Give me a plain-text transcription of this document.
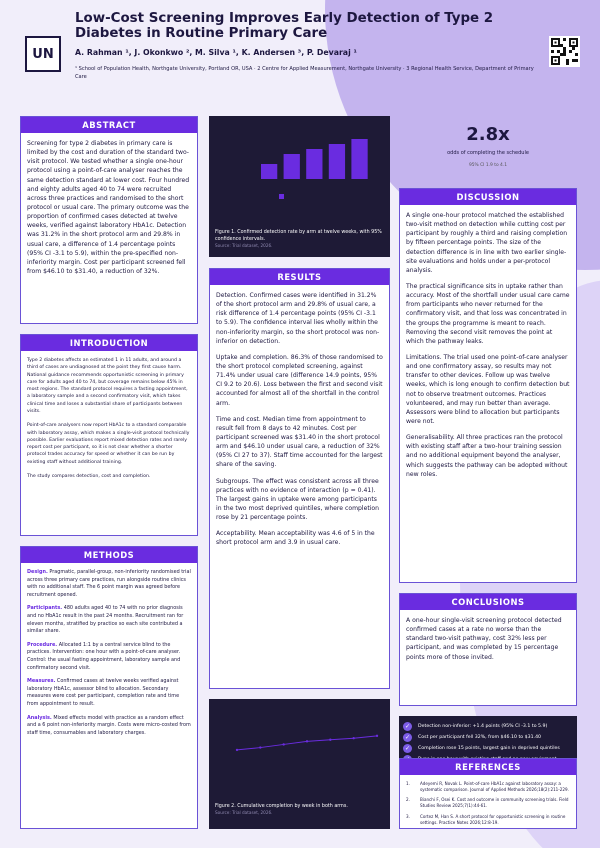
UN
Low-Cost Screening Improves Early Detection of Type 2 Diabetes in Routine Primary Care
A. Rahman ¹, J. Okonkwo ², M. Silva ¹, K. Andersen ³, P. Devaraj ¹
¹ School of Population Health, Northgate University, Portland OR, USA · 2 Centre for Applied Measurement, Northgate University · 3 Regional Health Service, Department of Primary Care
ABSTRACT
Screening for type 2 diabetes in primary care is limited by the cost and duration of the standard two-visit protocol. We tested whether a single one-hour protocol using a point-of-care analyser reaches the same detection standard at lower cost. Four hundred and eighty adults aged 40 to 74 were recruited across three practices and randomised to the short protocol or usual care. The primary outcome was the proportion of confirmed cases detected at twelve weeks, verified against laboratory HbA1c. Detection was 31.2% in the short protocol arm and 29.8% in usual care, a difference of 1.4 percentage points (95% CI -3.1 to 5.9), within the pre-specified non-inferiority margin. Cost per participant screened fell from $46.10 to $31.40, a reduction of 32%.
INTRODUCTION

Type 2 diabetes affects an estimated 1 in 11 adults, and around a third of cases are undiagnosed at the point they first cause harm. National guidance recommends opportunistic screening in primary care for adults aged 40 to 74, but coverage remains below 45% in most regions. The standard protocol requires a fasting appointment, a laboratory sample and a second confirmatory visit, which takes clinical time and loses a substantial share of participants between visits.

Point-of-care analysers now report HbA1c to a standard comparable with laboratory assay, which makes a single-visit protocol technically possible. Earlier evaluations report mixed detection rates and rarely report cost per participant, so it is not clear whether a shorter protocol trades accuracy for speed or whether it can be run by existing staff without additional training.

The study compares detection, cost and completion.

METHODS

Design. Pragmatic, parallel-group, non-inferiority randomised trial across three primary care practices, run alongside routine clinics with no additional staff. The 6 point margin was agreed before recruitment opened.

Participants. 480 adults aged 40 to 74 with no prior diagnosis and no HbA1c result in the past 24 months. Recruitment ran for eleven months, stratified by practice so each site contributed a similar share.

Procedure. Allocated 1:1 by a central service blind to the practices. Intervention: one hour with a point-of-care analyser. Control: the usual fasting appointment, laboratory sample and confirmatory second visit.

Measures. Confirmed cases at twelve weeks verified against laboratory HbA1c, assessor blind to allocation. Secondary measures were cost per participant, completion rate and time from appointment to result.

Analysis. Mixed effects model with practice as a random effect and a 6 point non-inferiority margin. Costs were micro-costed from staff time, consumables and laboratory charges.

Figure 1. Confirmed detection rate by arm at twelve weeks, with 95% confidence intervals.
Source: Trial dataset, 2026.
RESULTS

Detection. Confirmed cases were identified in 31.2% of the short protocol arm and 29.8% of usual care, a risk difference of 1.4 percentage points (95% CI -3.1 to 5.9). The confidence interval lies wholly within the non-inferiority margin, so the short protocol was non-inferior on detection.

Uptake and completion. 86.3% of those randomised to the short protocol completed screening, against 71.4% under usual care (difference 14.9 points, 95% CI 9.2 to 20.6). Loss between the first and second visit accounted for almost all of the shortfall in the control arm.

Time and cost. Median time from appointment to result fell from 8 days to 42 minutes. Cost per participant screened was $31.40 in the short protocol arm and $46.10 under usual care, a reduction of 32% (95% CI 27 to 37). Staff time accounted for the largest share of the saving.

Subgroups. The effect was consistent across all three practices with no evidence of interaction (p = 0.41). The largest gains in uptake were among participants in the two most deprived quintiles, where completion rose by 21 percentage points.

Acceptability. Mean acceptability was 4.6 of 5 in the short protocol arm and 3.9 in usual care.

Figure 2. Cumulative completion by week in both arms.
Source: Trial dataset, 2026.
2.8x
odds of completing the schedule
95% CI 1.9 to 4.1
DISCUSSION

A single one-hour protocol matched the established two-visit method on detection while cutting cost per participant by roughly a third and raising completion by fifteen percentage points. The size of the detection difference is in line with two earlier single-site evaluations and holds under a per-protocol analysis.

The practical significance sits in uptake rather than accuracy. Most of the shortfall under usual care came from participants who never returned for the confirmatory visit, and that loss was concentrated in the groups the programme is meant to reach. Removing the second visit removes the point at which the pathway leaks.

Limitations. The trial used one point-of-care analyser and one confirmatory assay, so results may not transfer to other devices. Follow up was twelve weeks, which is long enough to confirm detection but not to observe treatment outcomes. Practices volunteered, and may run better than average. Assessors were blind to allocation but participants were not.

Generalisability. All three practices ran the protocol with existing staff after a two-hour training session and no additional equipment beyond the analyser, which suggests the pathway can be adopted without new roles.

CONCLUSIONS
A one-hour single-visit screening protocol detected confirmed cases at a rate no worse than the standard two-visit pathway, cost 32% less per participant, and was completed by 15 percentage points more of those invited.
✓	Detection non-inferior: +1.4 points (95% CI -3.1 to 5.9)
✓	Cost per participant fell 32%, from $46.10 to $31.40
✓	Completion rose 15 points, largest gain in deprived quintiles
REFERENCES
1.	Adeyemi R, Novak L. Point-of-care HbA1c against laboratory assay: a systematic comparison. Journal of Applied Methods 2026;18(2):211-229.
2.	Bianchi F, Osei K. Cost and outcome in community screening trials. Field Studies Review 2025;7(1):44-61.
3.	Cortez M, Han S. A short protocol for opportunistic screening in routine settings. Practice Notes 2026;12:8-19.
